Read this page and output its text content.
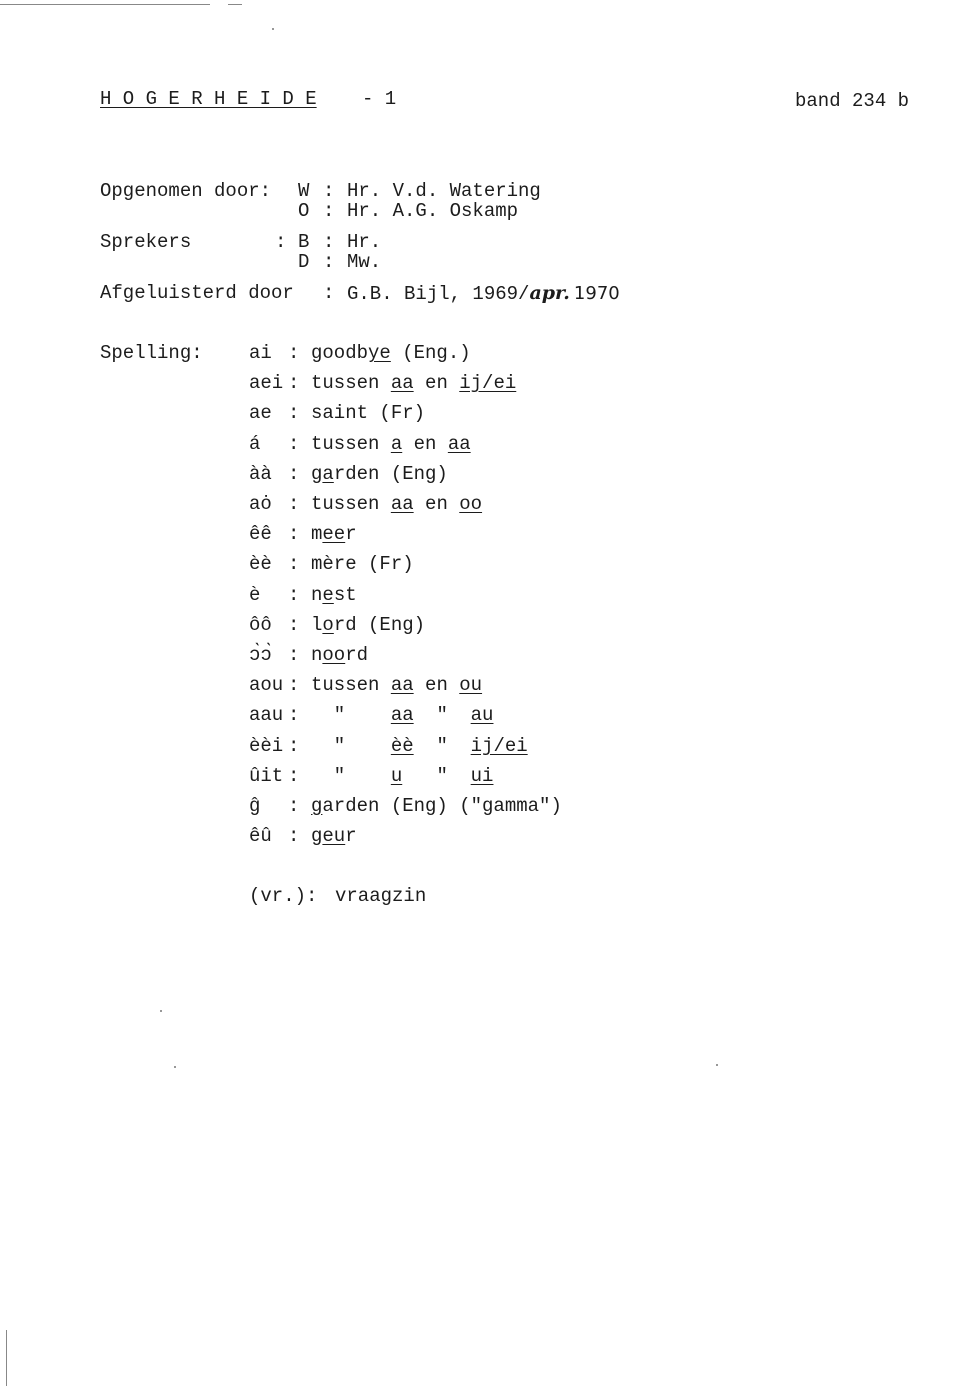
H O G E R H E I D E - 1	band 234 b
Opgenomen door: W : Hr. V.d. Watering
O : Hr. A.G. Oskamp
Sprekers	: B : Hr.
D : Mw.
Afgeluisterd door : G.B. Bijl, 1969/apr. 1970
Spelling: ai : goodbye (Eng.)
aei : tussen aa en ij/ei
ae : saint (Fr)
á : tussen a en aa
àà : garden (Eng)
aȯ : tussen aa en oo
êê : meer
èè : mère (Fr)
ѐ : nest
ôô : lord (Eng)
ɔ̀ɔ̀ : noord
aou : tussen aa en ou
aau : "    aa  "  au
èèi : "    èè  "  ij/ei
ûit : "    u   "  ui
ĝ : garden (Eng) ("gamma")
êû : geur
(vr.): vraagzin
